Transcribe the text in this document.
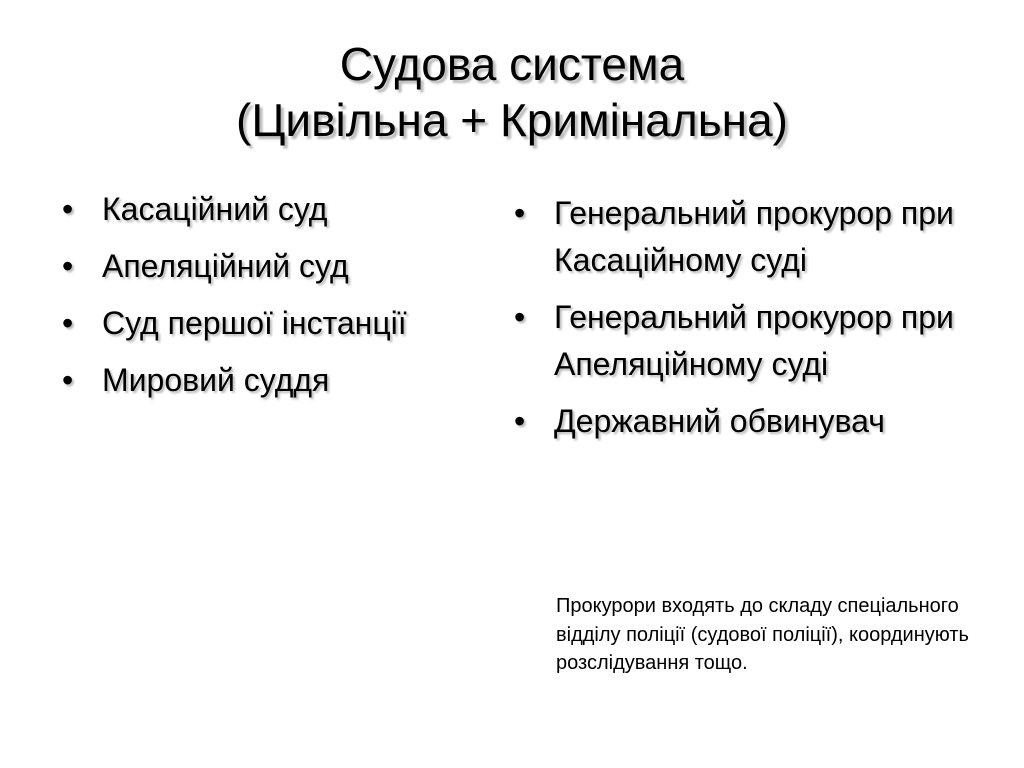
Судова система
(Цивільна + Кримінальна)
• Касаційний суд
• Апеляційний суд
• Суд першої інстанції
• Мировий суддя
• Генеральний прокурор при Касаційному суді
• Генеральний прокурор при Апеляційному суді
• Державний обвинувач
Прокурори входять до складу спеціального відділу поліції (судової поліції), координують розслідування тощо.
